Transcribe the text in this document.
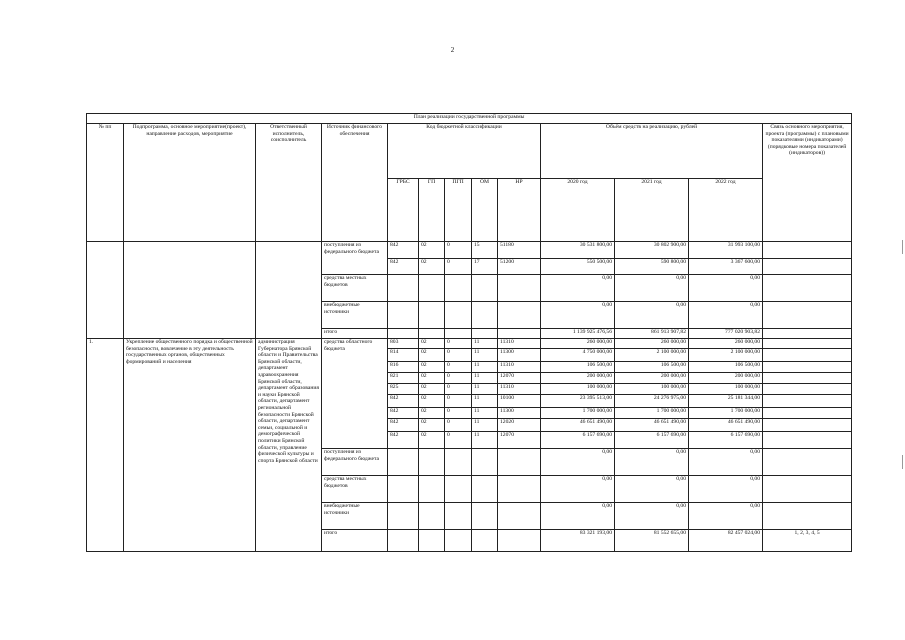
2
План реализации государственной программы												
№ пп	Подпрограмма, основное мероприятие(проект), направление расходов, мероприятие	Ответственный исполнитель, соисполнитель	Источник финансового обеспечения	Код бюджетной классификации					Объём средств на реализацию, рублей			Связь основного мероприятия, проекта (программы) с плановыми показателями (индикаторами) (порядковые номера показателей (индикаторов))
				ГРБС	ГП	ПГП	ОМ	НР	2020 год	2021 год	2022 год	
			поступления из федерального бюджета	842	02	0	15	51180	30 531 800,00	30 802 900,00	31 993 100,00	
				842	02	0	17	51200	550 500,00	590 800,00	3 367 600,00	
			средства местных бюджетов						0,00	0,00	0,00	
			внебюджетные источники						0,00	0,00	0,00	
			итого						1 139 925 476,56	861 913 907,82	777 020 903,82	
1.	Укрепление общественного порядка и общественной безопасности, вовлечение в эту деятельность государственных органов, общественных формирований и населения	администрация Губернатора Брянской области и Правительства Брянской области, департамент здравоохранения Брянской области, департамент образования и науки Брянской области, департамент региональной безопасности Брянской области, департамент семьи, социальной и демографической политики Брянской области, управление физической культуры и спорта Брянской области	средства областного бюджета	803	02	0	11	11310	260 000,00	260 000,00	260 000,00	
				814	02	0	11	11300	4 750 000,00	2 100 000,00	2 100 000,00	
				816	02	0	11	11310	106 500,00	106 500,00	106 500,00	
				821	02	0	11	12070	200 000,00	200 000,00	200 000,00	
				825	02	0	11	11310	100 000,00	100 000,00	100 000,00	
				842	02	0	11	10100	23 395 513,00	24 276 975,00	25 181 344,00	
				842	02	0	11	11300	1 700 000,00	1 700 000,00	1 700 000,00	
				842	02	0	11	12020	46 651 490,00	46 651 490,00	46 651 490,00	
				842	02	0	11	12070	6 157 690,00	6 157 690,00	6 157 690,00	
			поступления из федерального бюджета						0,00	0,00	0,00	
			средства местных бюджетов						0,00	0,00	0,00	
			внебюджетные источники						0,00	0,00	0,00	
			итого						83 321 193,00	81 552 655,00	82 457 024,00	1, 2, 3, 4, 5
